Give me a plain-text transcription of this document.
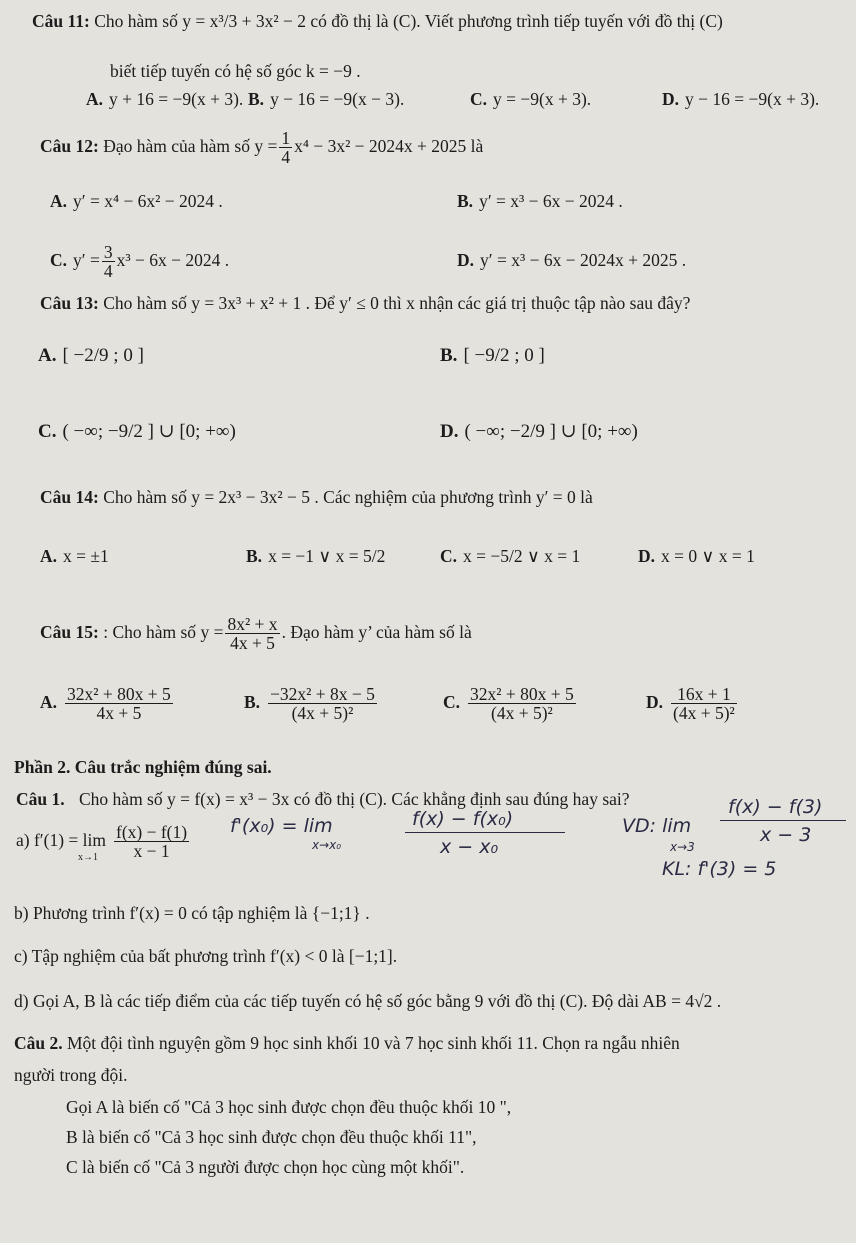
Câu 11: Cho hàm số y = x³/3 + 3x² − 2 có đồ thị là (C). Viết phương trình tiếp tuyến với đồ thị (C)
biết tiếp tuyến có hệ số góc k = −9 .
A. y + 16 = −9(x + 3). B. y − 16 = −9(x − 3).	C. y = −9(x + 3).	D. y − 16 = −9(x + 3).
Câu 12: Đạo hàm của hàm số $y = \frac{1}{4} x^4 - 3x^2 - 2024x + 2025$ là
A. y′ = x⁴ − 6x² − 2024 .	B. y′ = x³ − 6x − 2024 .
C. $y' = \frac{3}{4} x^3 - 6x - 2024$ .	D. y′ = x³ − 6x − 2024x + 2025 .
Câu 13: Cho hàm số y = 3x³ + x² + 1 . Để y′ ≤ 0 thì x nhận các giá trị thuộc tập nào sau đây?
A. [ −2/9 ; 0 ]	B. [ −9/2 ; 0 ]
C. ( −∞; −9/2 ] ∪ [0; +∞)	D. ( −∞; −2/9 ] ∪ [0; +∞)
Câu 14: Cho hàm số y = 2x³ − 3x² − 5 . Các nghiệm của phương trình y′ = 0 là
A. x = ±1	B. x = −1 ∨ x = 5/2	C. x = −5/2 ∨ x = 1	D. x = 0 ∨ x = 1
Câu 15: : Cho hàm số $y = \frac{\text{8x² + x}}{4x + 5}$ . Đạo hàm y’ của hàm số là
A. $\frac{\text{32x² + 80x + 5}}{4x + 5}$	B. $\frac{\text{−32x² + 8x − 5}}{\text{(4x + 5)²}}$	C. $\frac{\text{32x² + 80x + 5}}{\text{(4x + 5)²}}$	D. $\frac{16x + 1}{\text{(4x + 5)²}}$
Phần 2. Câu trắc nghiệm đúng sai.
Câu 1. Cho hàm số y = f(x) = x³ − 3x có đồ thị (C). Các khẳng định sau đúng hay sai?
a) $f'(1) = \lim_{x\to 1} \frac{f(x) - f(1)}{x - 1} f'(x_0) = \lim$
x→x₀
f(x) − f(x₀)
x − x₀
VD: lim
x→3
f(x) − f(3)
x − 3
KL: f'(3) = 5
b) Phương trình f′(x) = 0 có tập nghiệm là {−1;1} .
c) Tập nghiệm của bất phương trình f′(x) < 0 là [−1;1].
d) Gọi A, B là các tiếp điểm của các tiếp tuyến có hệ số góc bằng 9 với đồ thị (C). Độ dài AB = 4√2 .
Câu 2. Một đội tình nguyện gồm 9 học sinh khối 10 và 7 học sinh khối 11. Chọn ra ngẫu nhiên
người trong đội.
Gọi A là biến cố "Cả 3 học sinh được chọn đều thuộc khối 10 ",
B là biến cố "Cả 3 học sinh được chọn đều thuộc khối 11",
C là biến cố "Cả 3 người được chọn học cùng một khối".
